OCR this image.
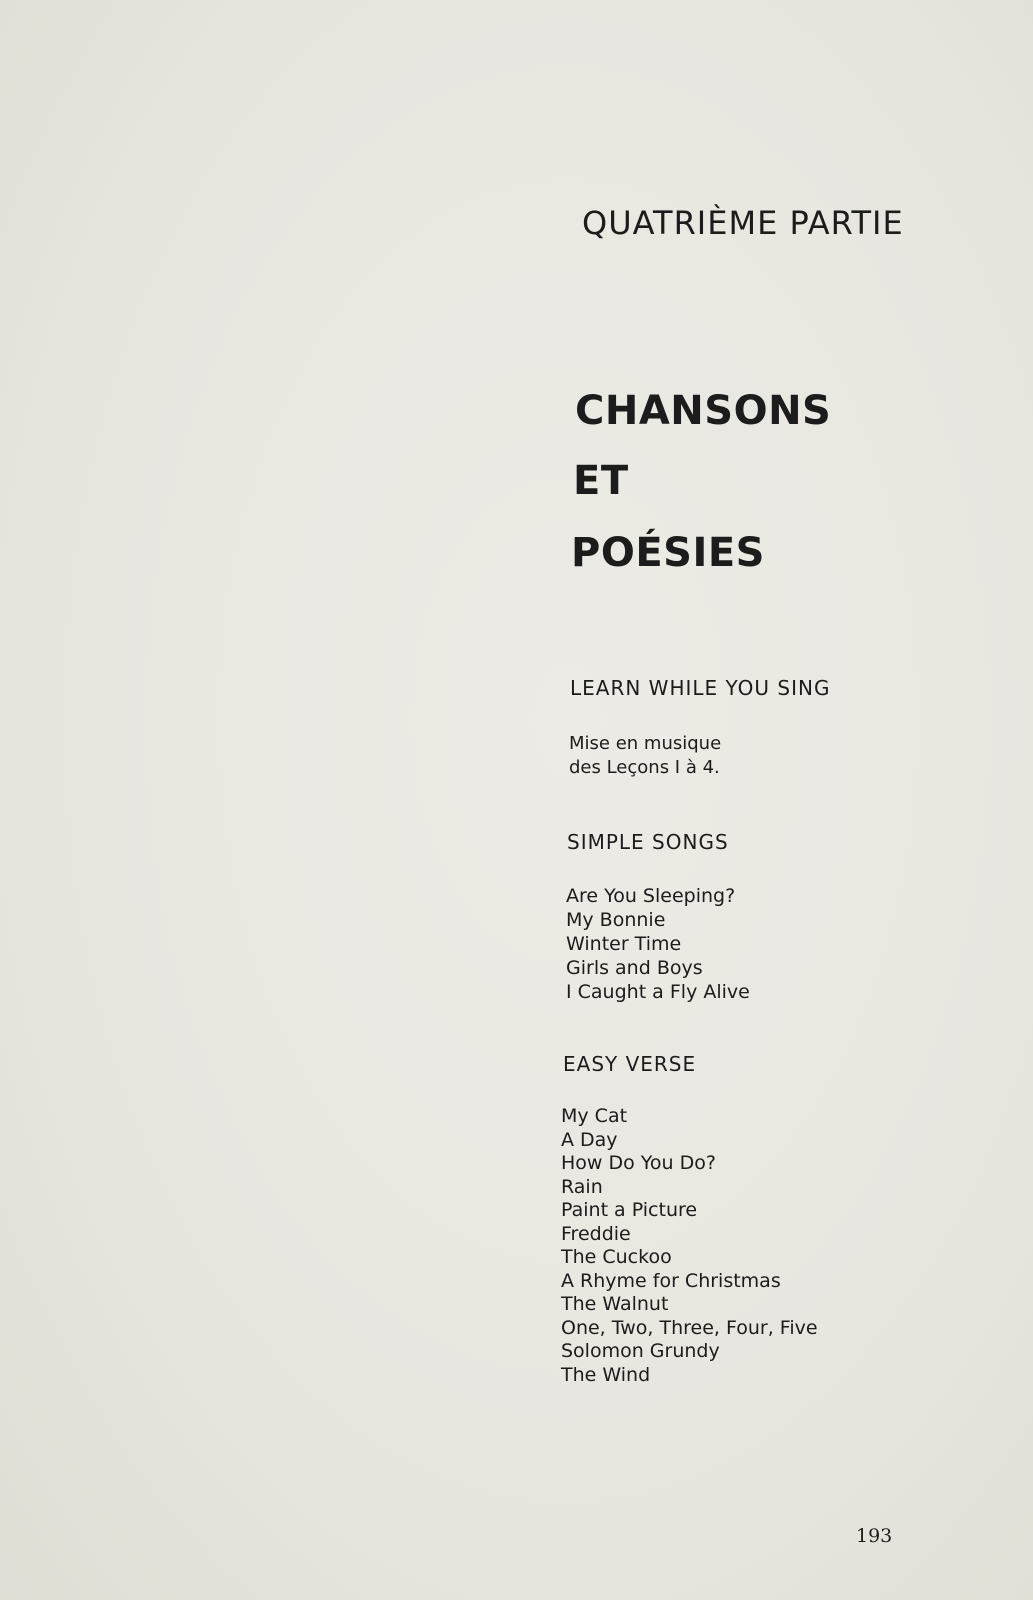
QUATRIÈME PARTIE
CHANSONS
ET
POÉSIES
LEARN WHILE YOU SING
Mise en musique
des Leçons I à 4.
SIMPLE SONGS
Are You Sleeping?
My Bonnie
Winter Time
Girls and Boys
I Caught a Fly Alive
EASY VERSE
My Cat
A Day
How Do You Do?
Rain
Paint a Picture
Freddie
The Cuckoo
A Rhyme for Christmas
The Walnut
One, Two, Three, Four, Five
Solomon Grundy
The Wind
193
